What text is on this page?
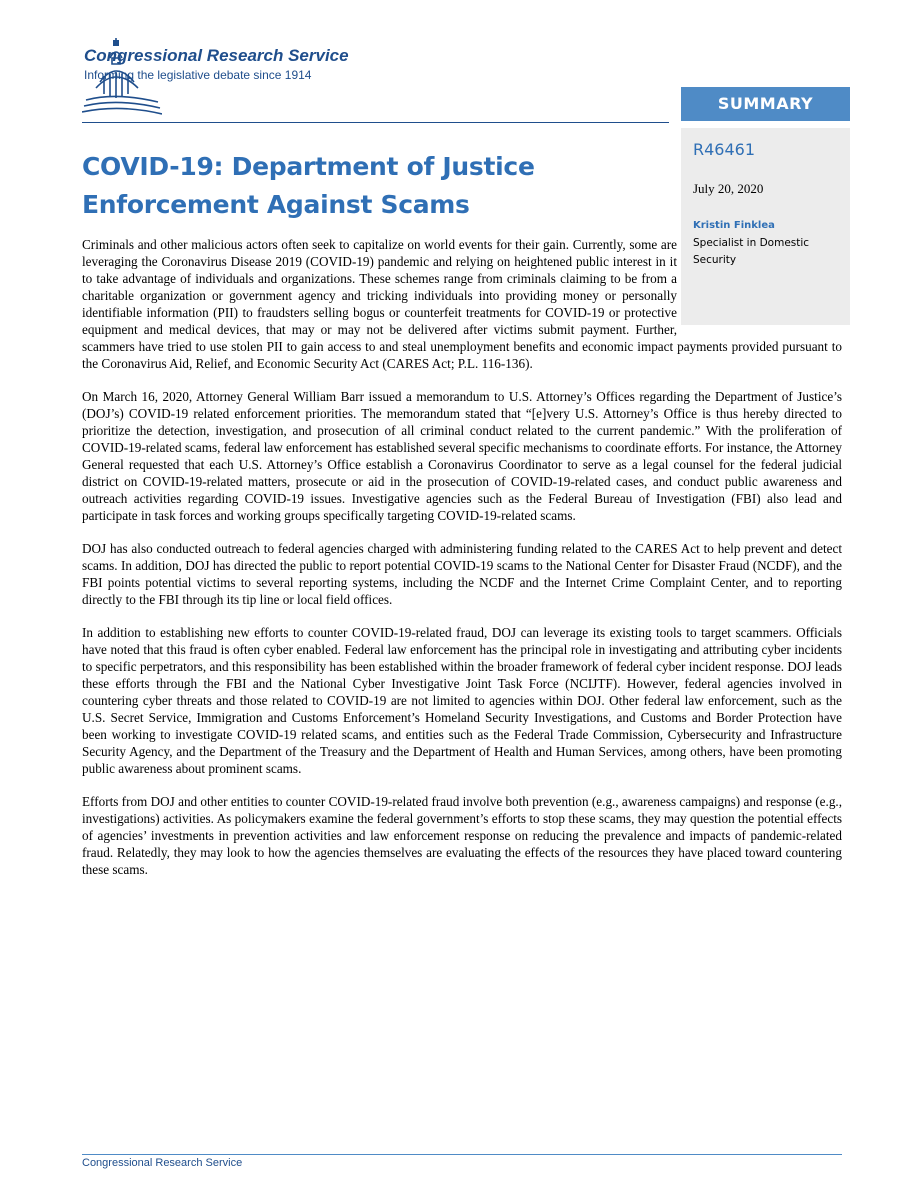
Congressional Research Service
Informing the legislative debate since 1914
SUMMARY
R46461
July 20, 2020
Kristin Finklea
Specialist in Domestic Security
COVID-19: Department of Justice Enforcement Against Scams

Criminals and other malicious actors often seek to capitalize on world events for their gain. Currently, some are leveraging the Coronavirus Disease 2019 (COVID-19) pandemic and relying on heightened public interest in it to take advantage of individuals and organizations. These schemes range from criminals claiming to be from a charitable organization or government agency and tricking individuals into providing money or personally identifiable information (PII) to fraudsters selling bogus or counterfeit treatments for COVID-19 or protective equipment and medical devices, that may or may not be delivered after victims submit payment. Further, scammers have tried to use stolen PII to gain access to and steal unemployment benefits and economic impact payments provided pursuant to the Coronavirus Aid, Relief, and Economic Security Act (CARES Act; P.L. 116-136).

On March 16, 2020, Attorney General William Barr issued a memorandum to U.S. Attorney’s Offices regarding the Department of Justice’s (DOJ’s) COVID-19 related enforcement priorities. The memorandum stated that “[e]very U.S. Attorney’s Office is thus hereby directed to prioritize the detection, investigation, and prosecution of all criminal conduct related to the current pandemic.” With the proliferation of COVID-19-related scams, federal law enforcement has established several specific mechanisms to coordinate efforts. For instance, the Attorney General requested that each U.S. Attorney’s Office establish a Coronavirus Coordinator to serve as a legal counsel for the federal judicial district on COVID-19-related matters, prosecute or aid in the prosecution of COVID-19-related cases, and conduct public awareness and outreach activities regarding COVID-19 issues. Investigative agencies such as the Federal Bureau of Investigation (FBI) also lead and participate in task forces and working groups specifically targeting COVID-19-related scams.

DOJ has also conducted outreach to federal agencies charged with administering funding related to the CARES Act to help prevent and detect scams. In addition, DOJ has directed the public to report potential COVID-19 scams to the National Center for Disaster Fraud (NCDF), and the FBI points potential victims to several reporting systems, including the NCDF and the Internet Crime Complaint Center, and to reporting directly to the FBI through its tip line or local field offices.

In addition to establishing new efforts to counter COVID-19-related fraud, DOJ can leverage its existing tools to target scammers. Officials have noted that this fraud is often cyber enabled. Federal law enforcement has the principal role in investigating and attributing cyber incidents to specific perpetrators, and this responsibility has been established within the broader framework of federal cyber incident response. DOJ leads these efforts through the FBI and the National Cyber Investigative Joint Task Force (NCIJTF). However, federal agencies involved in countering cyber threats and those related to COVID-19 are not limited to agencies within DOJ. Other federal law enforcement, such as the U.S. Secret Service, Immigration and Customs Enforcement’s Homeland Security Investigations, and Customs and Border Protection have been working to investigate COVID-19 related scams, and entities such as the Federal Trade Commission, Cybersecurity and Infrastructure Security Agency, and the Department of the Treasury and the Department of Health and Human Services, among others, have been promoting public awareness about prominent scams.

Efforts from DOJ and other entities to counter COVID-19-related fraud involve both prevention (e.g., awareness campaigns) and response (e.g., investigations) activities. As policymakers examine the federal government’s efforts to stop these scams, they may question the potential effects of agencies’ investments in prevention activities and law enforcement response on reducing the prevalence and impacts of pandemic-related fraud. Relatedly, they may look to how the agencies themselves are evaluating the effects of the resources they have placed toward countering these scams.

Congressional Research Service
